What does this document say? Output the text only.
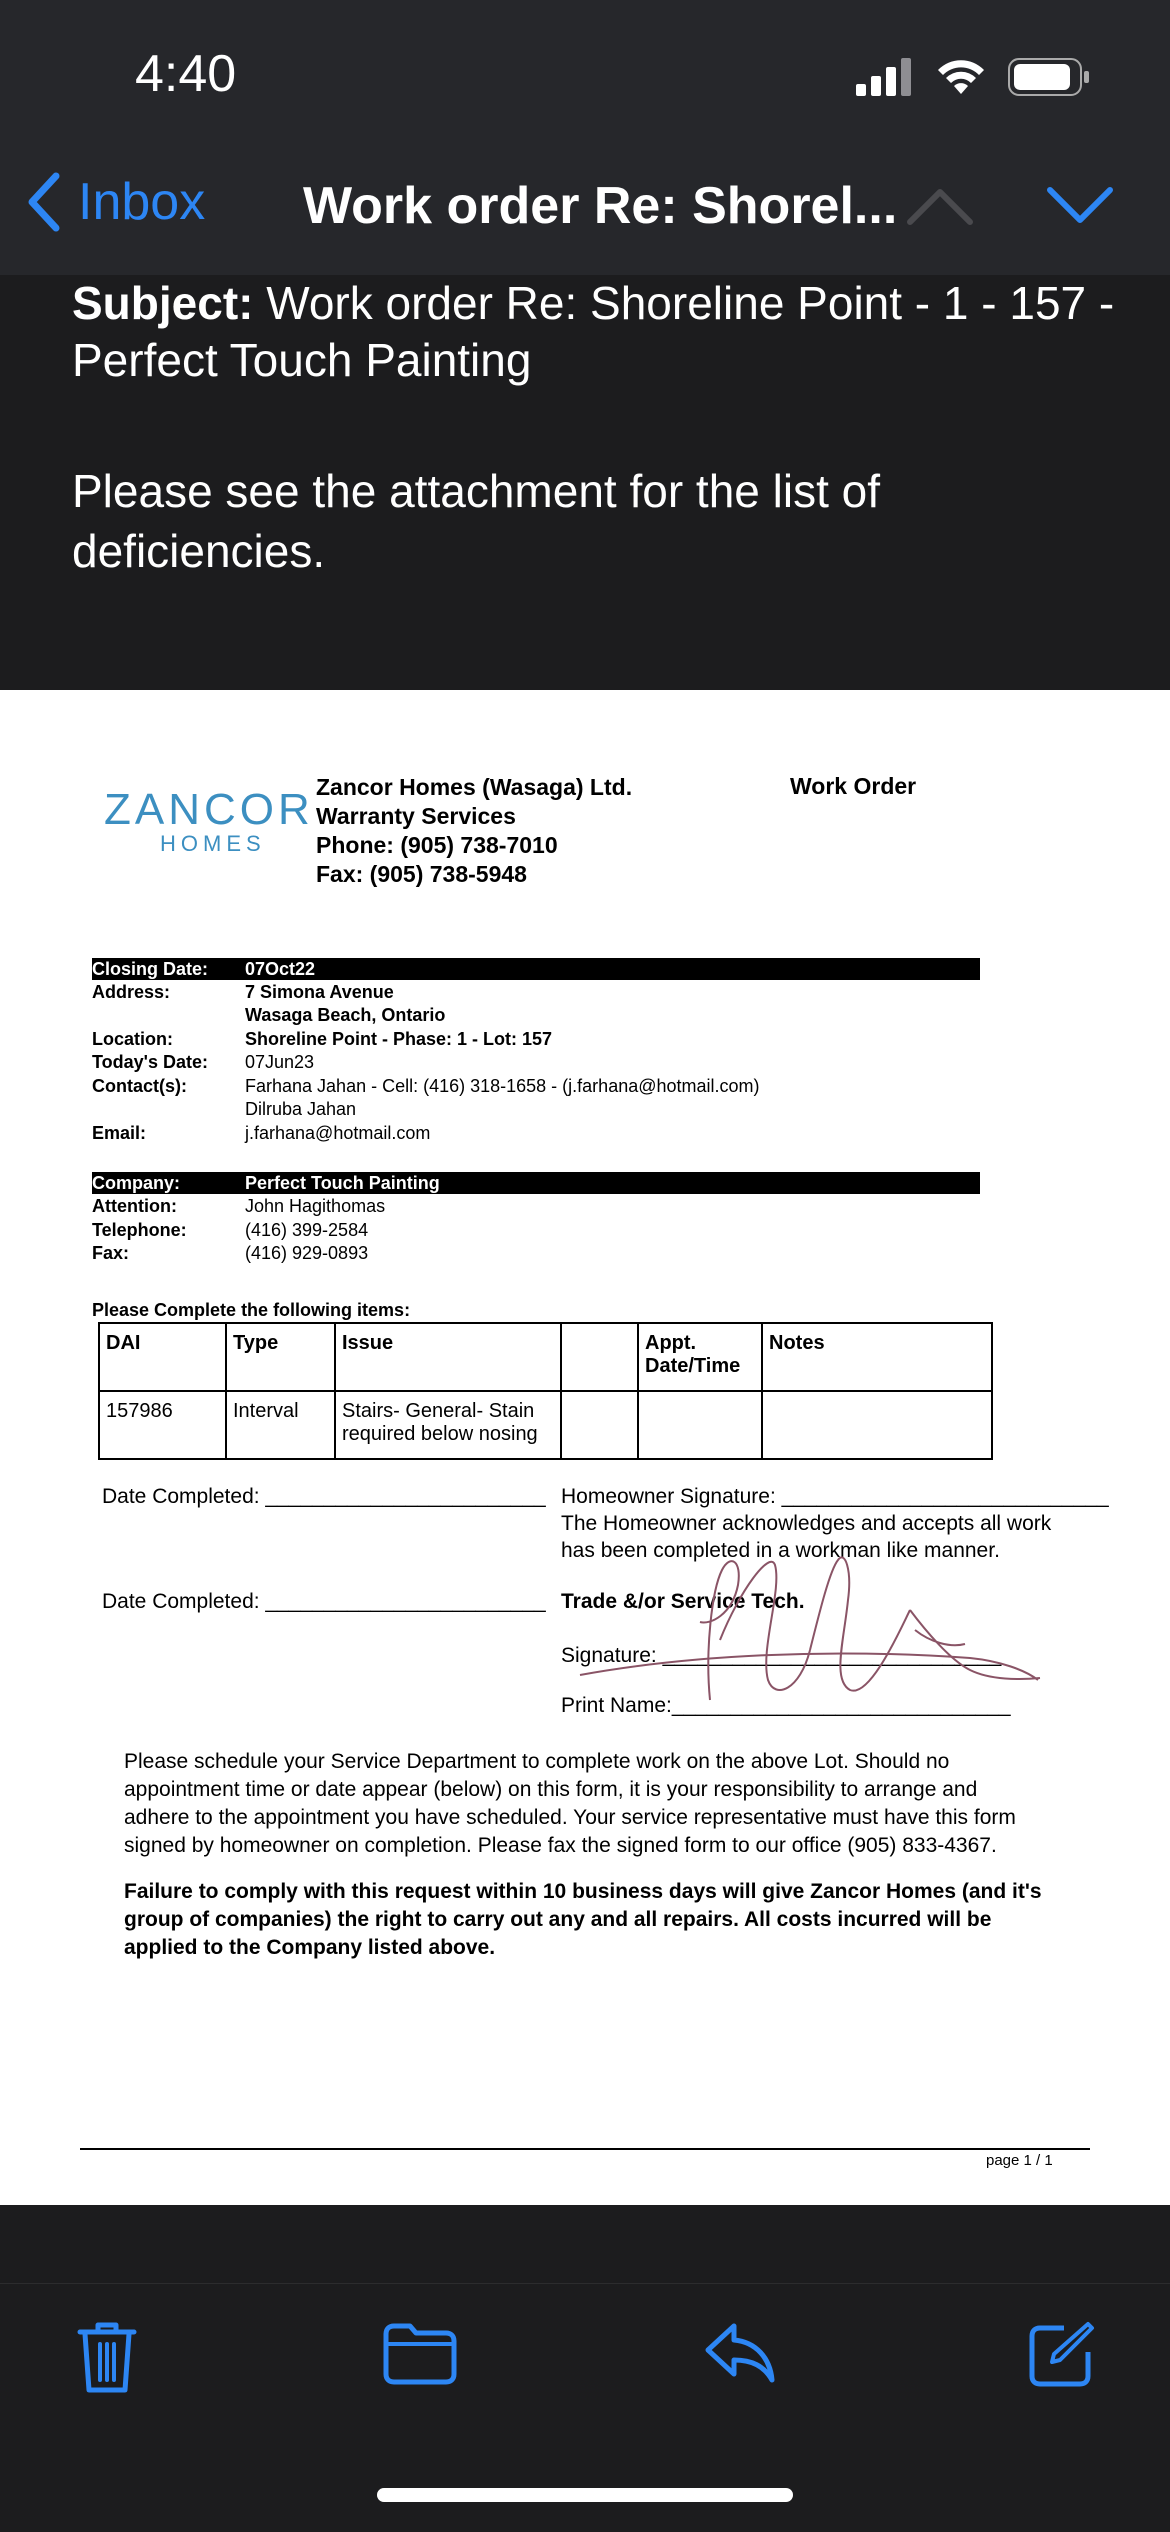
4:40
Inbox Work order Re: Shorel...
Subject: Work order Re: Shoreline Point - 1 - 157 - Perfect Touch Painting
Please see the attachment for the list of deficiencies.
ZANCOR
HOMES
Zancor Homes (Wasaga) Ltd.
Warranty Services
Phone: (905) 738-7010
Fax: (905) 738-5948
Work Order
Closing Date: 07Oct22
Address:	7 Simona Avenue
Wasaga Beach, Ontario
Location:	Shoreline Point - Phase: 1 - Lot: 157
Today's Date:	07Jun23
Contact(s):	Farhana Jahan - Cell: (416) 318-1658 - (j.farhana@hotmail.com)
Dilruba Jahan
Email:	j.farhana@hotmail.com
Company:	Perfect Touch Painting
Attention:	John Hagithomas
Telephone:	(416) 399-2584
Fax:	(416) 929-0893
Please Complete the following items:
DAI	Type	Issue		Appt. Date/Time	Notes
157986	Interval	Stairs- General- Stain required below nosing			
Date Completed: ________________________
Date Completed: ________________________
Homeowner Signature: ____________________________
The Homeowner acknowledges and accepts all work has been completed in a workman like manner.
Trade &/or Service Tech.
Signature: _____________________________
Print Name:_____________________________
Please schedule your Service Department to complete work on the above Lot. Should no appointment time or date appear (below) on this form, it is your responsibility to arrange and adhere to the appointment you have scheduled. Your service representative must have this form signed by homeowner on completion. Please fax the signed form to our office (905) 833-4367.
Failure to comply with this request within 10 business days will give Zancor Homes (and it's group of companies) the right to carry out any and all repairs. All costs incurred will be applied to the Company listed above.
page 1 / 1
